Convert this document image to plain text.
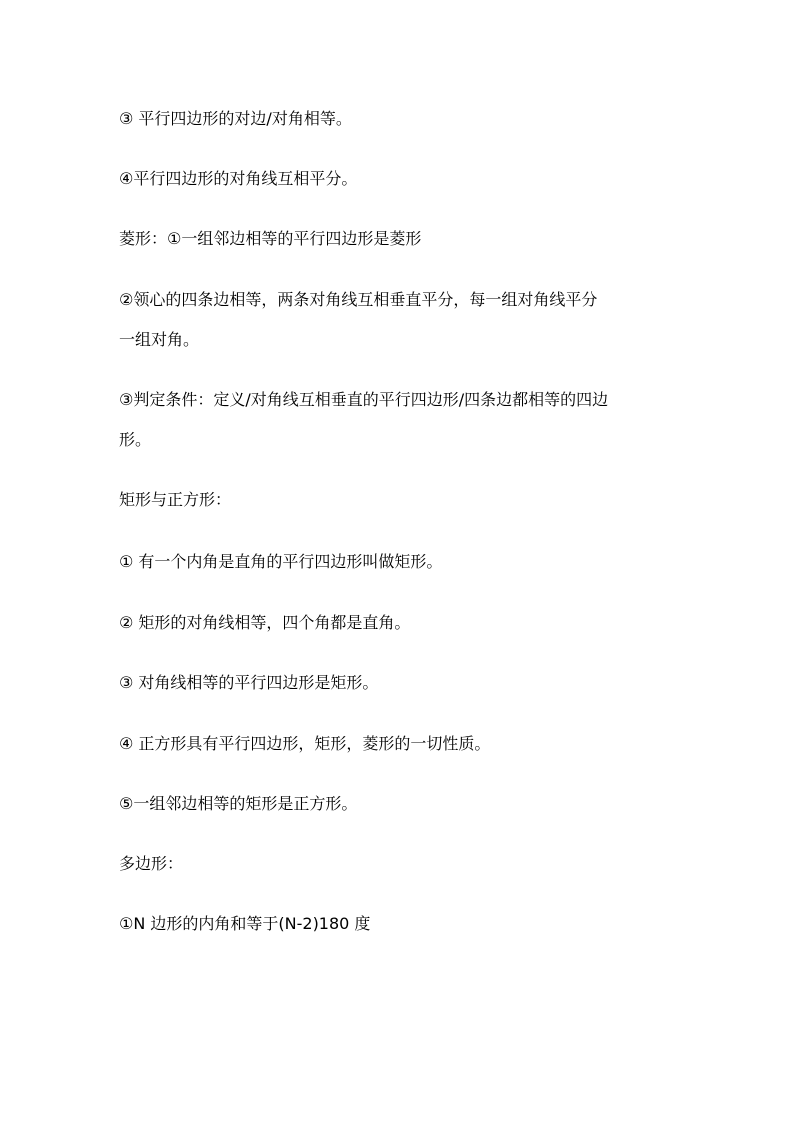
③ 平行四边形的对边/对角相等。
④平行四边形的对角线互相平分。
菱形：①一组邻边相等的平行四边形是菱形
②领心的四条边相等，两条对角线互相垂直平分，每一组对角线平分
一组对角。
③判定条件：定义/对角线互相垂直的平行四边形/四条边都相等的四边
形。
矩形与正方形：
① 有一个内角是直角的平行四边形叫做矩形。
② 矩形的对角线相等，四个角都是直角。
③ 对角线相等的平行四边形是矩形。
④ 正方形具有平行四边形，矩形，菱形的一切性质。
⑤一组邻边相等的矩形是正方形。
多边形：
①N 边形的内角和等于(N-2)180 度
